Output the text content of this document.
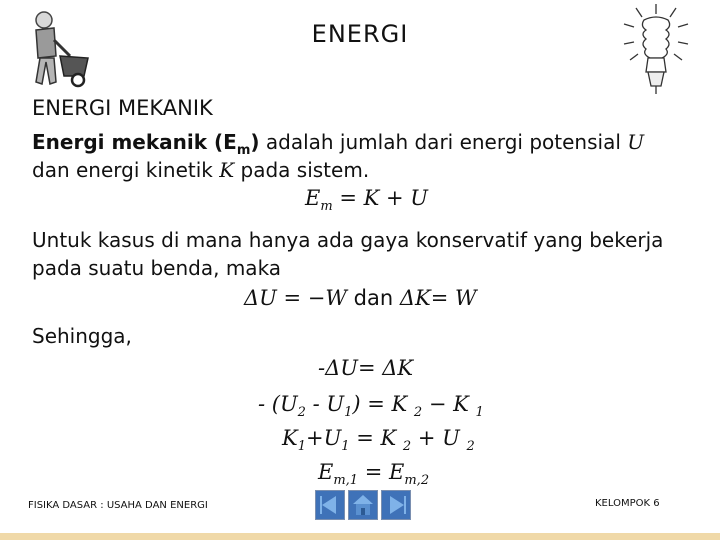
ENERGI
ENERGI MEKANIK
Energi mekanik $(E_m)$ adalah jumlah dari energi potensial U
dan energi kinetik K pada sistem.
$E_m = K + U$
Untuk kasus di mana hanya ada gaya konservatif yang bekerja
pada suatu benda, maka
ΔU = −W dan ΔK= W
Sehingga,
-ΔU= ΔK
- $(U_2 - U_1) = K$ $_2$ − K $_1$
$K_1+U_1 = K$ $_2$ + U $_2$
$E_{m,1} = E_{m,2}$
FISIKA DASAR : USAHA DAN ENERGI	KELOMPOK 6
